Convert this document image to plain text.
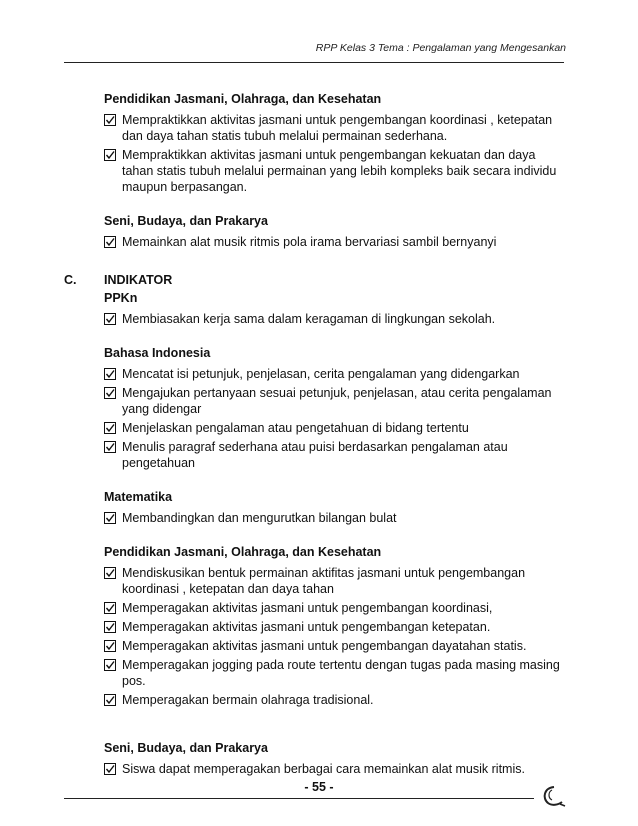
RPP Kelas 3 Tema : Pengalaman yang Mengesankan
Pendidikan Jasmani, Olahraga, dan Kesehatan
Mempraktikkan aktivitas jasmani untuk pengembangan koordinasi , ketepatan
dan daya tahan statis tubuh melalui permainan sederhana.
Mempraktikkan aktivitas jasmani untuk pengembangan kekuatan dan daya
tahan statis tubuh melalui permainan yang lebih kompleks baik secara individu
maupun berpasangan.
Seni, Budaya, dan Prakarya
Memainkan alat musik ritmis pola irama bervariasi sambil bernyanyi
C. INDIKATOR
PPKn
Membiasakan kerja sama dalam keragaman di lingkungan sekolah.
Bahasa Indonesia
Mencatat isi petunjuk, penjelasan, cerita pengalaman yang didengarkan
Mengajukan pertanyaan sesuai petunjuk, penjelasan, atau cerita pengalaman
yang didengar
Menjelaskan pengalaman atau pengetahuan di bidang tertentu
Menulis paragraf sederhana atau puisi berdasarkan pengalaman atau
pengetahuan
Matematika
Membandingkan dan mengurutkan bilangan bulat
Pendidikan Jasmani, Olahraga, dan Kesehatan
Mendiskusikan bentuk permainan aktifitas jasmani untuk pengembangan
koordinasi , ketepatan dan daya tahan
Memperagakan aktivitas jasmani untuk pengembangan koordinasi,
Memperagakan aktivitas jasmani untuk pengembangan ketepatan.
Memperagakan aktivitas jasmani untuk pengembangan dayatahan statis.
Memperagakan jogging pada route tertentu dengan tugas pada masing masing
pos.
Memperagakan bermain olahraga tradisional.
Seni, Budaya, dan Prakarya
Siswa dapat memperagakan berbagai cara memainkan alat musik ritmis.
- 55 -
